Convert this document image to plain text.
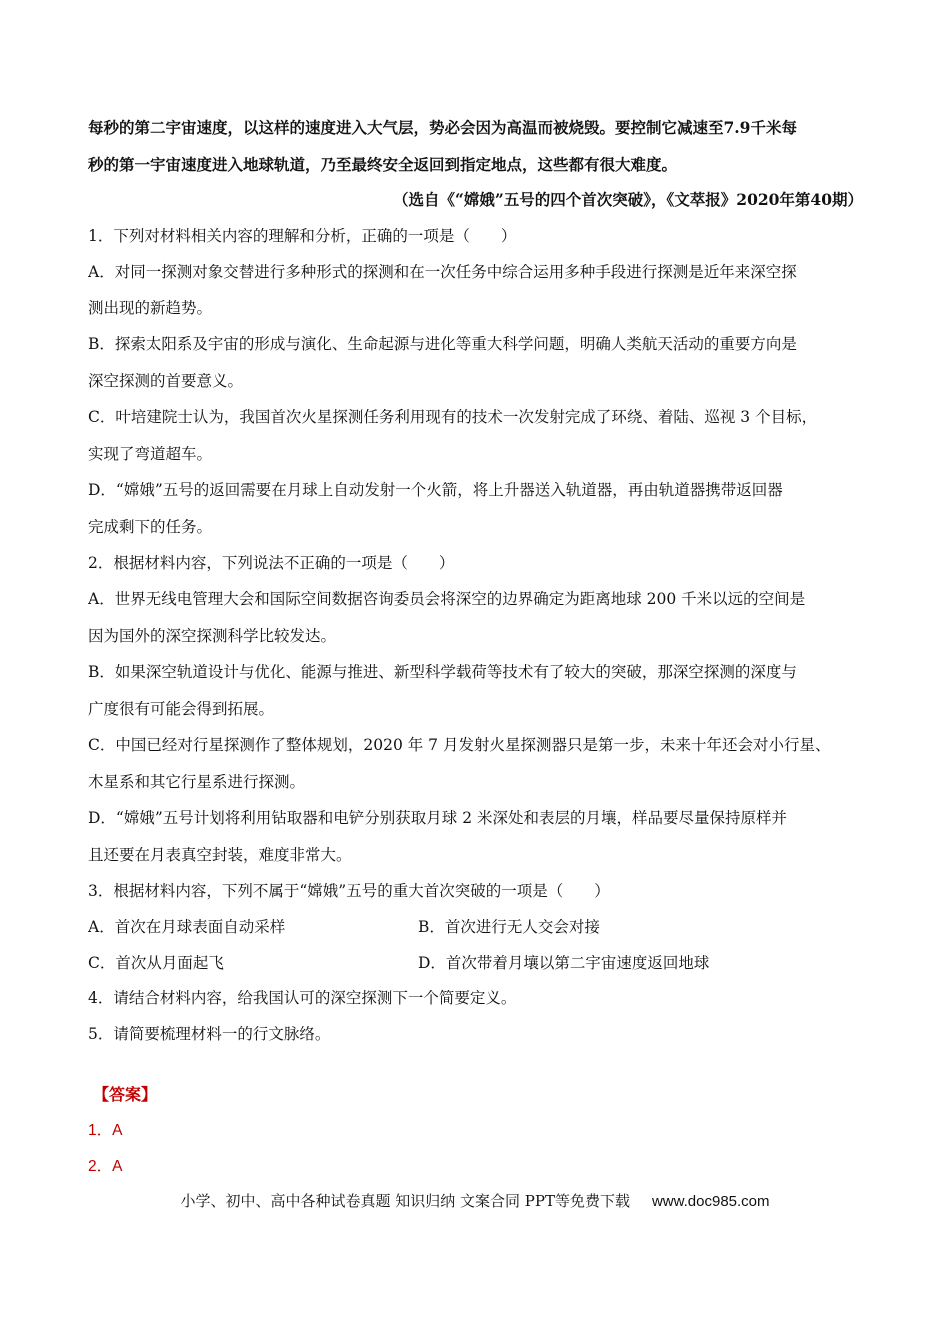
每秒的第二宇宙速度，以这样的速度进入大气层，势必会因为高温而被烧毁。要控制它减速至7.9千米每
秒的第一宇宙速度进入地球轨道，乃至最终安全返回到指定地点，这些都有很大难度。
（选自《“嫦娥”五号的四个首次突破》，《文萃报》2020年第40期）
1．下列对材料相关内容的理解和分析，正确的一项是（　　）
A．对同一探测对象交替进行多种形式的探测和在一次任务中综合运用多种手段进行探测是近年来深空探
测出现的新趋势。
B．探索太阳系及宇宙的形成与演化、生命起源与进化等重大科学问题，明确人类航天活动的重要方向是
深空探测的首要意义。
C．叶培建院士认为，我国首次火星探测任务利用现有的技术一次发射完成了环绕、着陆、巡视 3 个目标，
实现了弯道超车。
D．“嫦娥”五号的返回需要在月球上自动发射一个火箭，将上升器送入轨道器，再由轨道器携带返回器
完成剩下的任务。
2．根据材料内容，下列说法不正确的一项是（　　）
A．世界无线电管理大会和国际空间数据咨询委员会将深空的边界确定为距离地球 200 千米以远的空间是
因为国外的深空探测科学比较发达。
B．如果深空轨道设计与优化、能源与推进、新型科学载荷等技术有了较大的突破，那深空探测的深度与
广度很有可能会得到拓展。
C．中国已经对行星探测作了整体规划，2020 年 7 月发射火星探测器只是第一步，未来十年还会对小行星、
木星系和其它行星系进行探测。
D．“嫦娥”五号计划将利用钻取器和电铲分别获取月球 2 米深处和表层的月壤，样品要尽量保持原样并
且还要在月表真空封装，难度非常大。
3．根据材料内容，下列不属于“嫦娥”五号的重大首次突破的一项是（　　）
A．首次在月球表面自动采样	B．首次进行无人交会对接
C．首次从月面起飞	D．首次带着月壤以第二宇宙速度返回地球
4．请结合材料内容，给我国认可的深空探测下一个简要定义。
5．请简要梳理材料一的行文脉络。
【答案】
1．A
2．A
小学、初中、高中各种试卷真题 知识归纳 文案合同 PPT等免费下载 www.doc985.com
